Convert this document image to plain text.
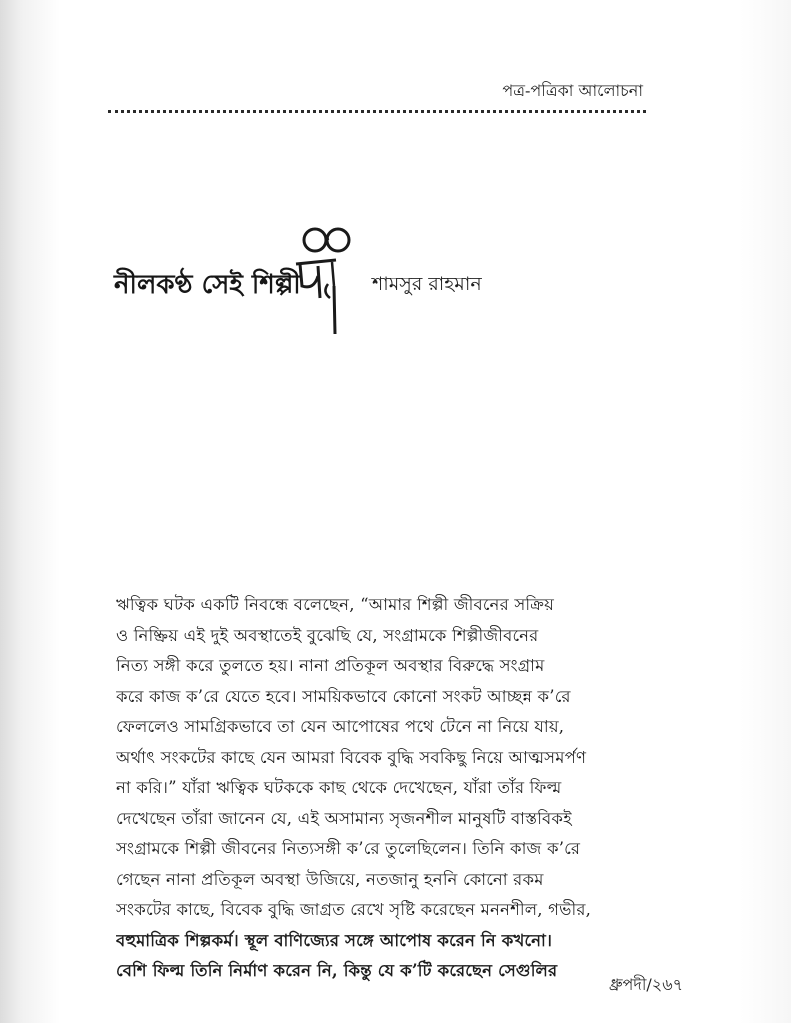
পত্র-পত্রিকা আলোচনা
নীলকণ্ঠ সেই শিল্পী	শামসুর রাহমান
ঋত্বিক ঘটক একটি নিবন্ধে বলেছেন, “আমার শিল্পী জীবনের সক্রিয়
ও নিষ্ক্রিয় এই দুই অবস্থাতেই বুঝেছি যে, সংগ্রামকে শিল্পীজীবনের
নিত্য সঙ্গী করে তুলতে হয়। নানা প্রতিকূল অবস্থার বিরুদ্ধে সংগ্রাম
করে কাজ ক’রে যেতে হবে। সাময়িকভাবে কোনো সংকট আচ্ছন্ন ক’রে
ফেললেও সামগ্রিকভাবে তা যেন আপোষের পথে টেনে না নিয়ে যায়,
অর্থাৎ সংকটের কাছে যেন আমরা বিবেক বুদ্ধি সবকিছু নিয়ে আত্মসমর্পণ
না করি।” যাঁরা ঋত্বিক ঘটককে কাছ থেকে দেখেছেন, যাঁরা তাঁর ফিল্ম
দেখেছেন তাঁরা জানেন যে, এই অসামান্য সৃজনশীল মানুষটি বাস্তবিকই
সংগ্রামকে শিল্পী জীবনের নিত্যসঙ্গী ক’রে তুলেছিলেন। তিনি কাজ ক’রে
গেছেন নানা প্রতিকূল অবস্থা উজিয়ে, নতজানু হননি কোনো রকম
সংকটের কাছে, বিবেক বুদ্ধি জাগ্রত রেখে সৃষ্টি করেছেন মননশীল, গভীর,
বহুমাত্রিক শিল্পকর্ম। স্থূল বাণিজ্যের সঙ্গে আপোষ করেন নি কখনো।
বেশি ফিল্ম তিনি নির্মাণ করেন নি, কিন্তু যে ক’টি করেছেন সেগুলির
ধ্রুপদী/২৬৭
